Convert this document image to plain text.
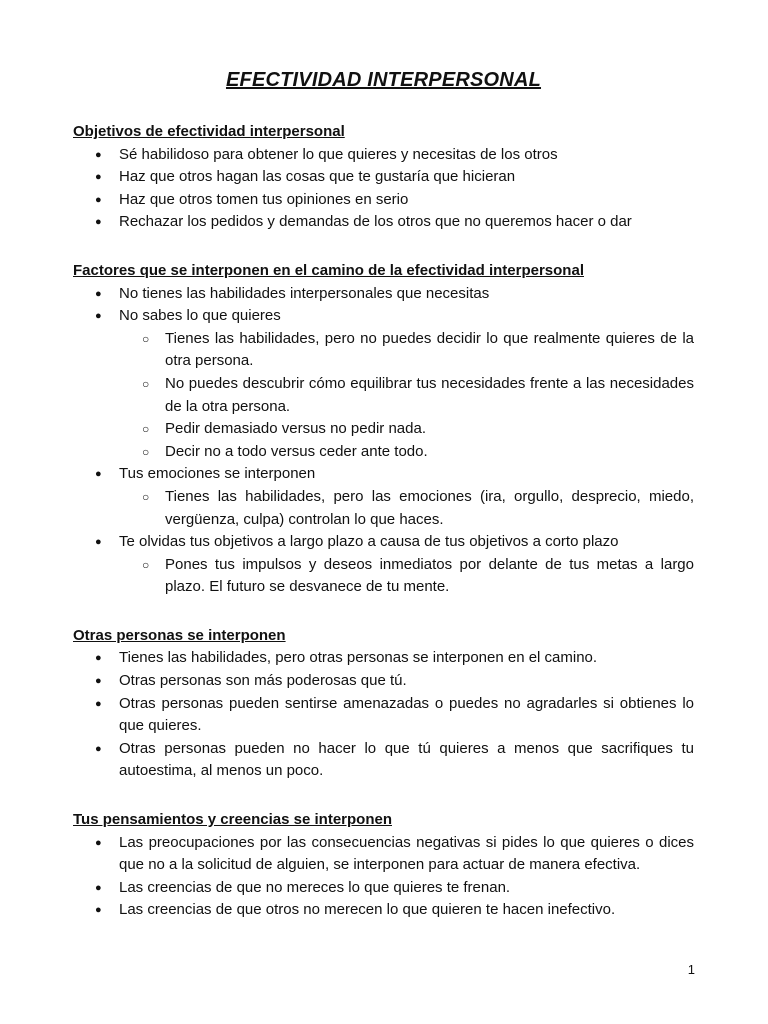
EFECTIVIDAD INTERPERSONAL
Objetivos de efectividad interpersonal
● Sé habilidoso para obtener lo que quieres y necesitas de los otros
● Haz que otros hagan las cosas que te gustaría que hicieran
● Haz que otros tomen tus opiniones en serio
● Rechazar los pedidos y demandas de los otros que no queremos hacer o dar
Factores que se interponen en el camino de la efectividad interpersonal
● No tienes las habilidades interpersonales que necesitas
● No sabes lo que quieres
○ Tienes las habilidades, pero no puedes decidir lo que realmente quieres de la otra persona.
○ No puedes descubrir cómo equilibrar tus necesidades frente a las necesidades de la otra persona.
○ Pedir demasiado versus no pedir nada.
○ Decir no a todo versus ceder ante todo.
● Tus emociones se interponen
○ Tienes las habilidades, pero las emociones (ira, orgullo, desprecio, miedo, vergüenza, culpa) controlan lo que haces.
● Te olvidas tus objetivos a largo plazo a causa de tus objetivos a corto plazo
○ Pones tus impulsos y deseos inmediatos por delante de tus metas a largo plazo. El futuro se desvanece de tu mente.
Otras personas se interponen
● Tienes las habilidades, pero otras personas se interponen en el camino.
● Otras personas son más poderosas que tú.
● Otras personas pueden sentirse amenazadas o puedes no agradarles si obtienes lo que quieres.
● Otras personas pueden no hacer lo que tú quieres a menos que sacrifiques tu autoestima, al menos un poco.
Tus pensamientos y creencias se interponen
● Las preocupaciones por las consecuencias negativas si pides lo que quieres o dices que no a la solicitud de alguien, se interponen para actuar de manera efectiva.
● Las creencias de que no mereces lo que quieres te frenan.
● Las creencias de que otros no merecen lo que quieren te hacen inefectivo.
1
